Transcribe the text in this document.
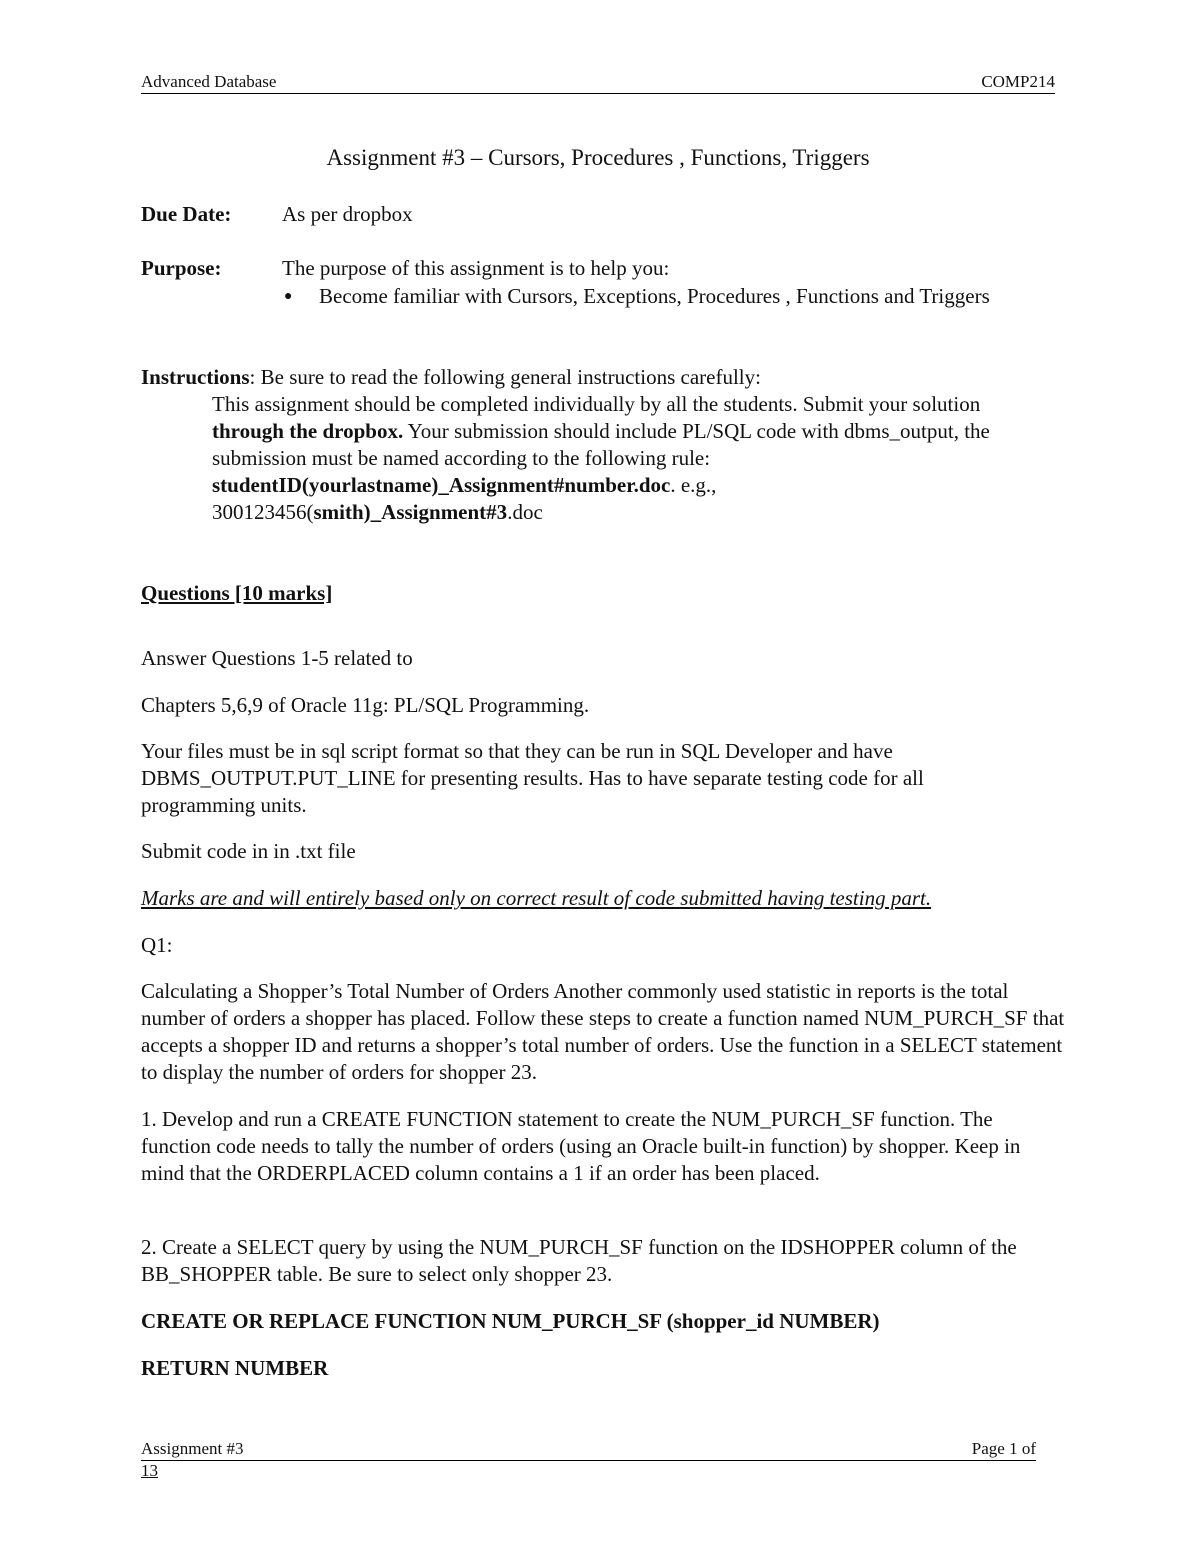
Advanced Database	COMP214
Assignment #3 – Cursors, Procedures , Functions, Triggers
Due Date: As per dropbox
Purpose:	The purpose of this assignment is to help you:
●	Become familiar with Cursors, Exceptions, Procedures , Functions and Triggers
Instructions: Be sure to read the following general instructions carefully:
This assignment should be completed individually by all the students. Submit your solution through the dropbox. Your submission should include PL/SQL code with dbms_output, the submission must be named according to the following rule:
studentID(yourlastname)_Assignment#number.doc. e.g.,
300123456(smith)_Assignment#3.doc
Questions [10 marks]
Answer Questions 1-5 related to
Chapters 5,6,9 of Oracle 11g: PL/SQL Programming.
Your files must be in sql script format so that they can be run in SQL Developer and have DBMS_OUTPUT.PUT_LINE for presenting results. Has to have separate testing code for all programming units.
Submit code in in .txt file
Marks are and will entirely based only on correct result of code submitted having testing part.
Q1:
Calculating a Shopper’s Total Number of Orders Another commonly used statistic in reports is the total number of orders a shopper has placed. Follow these steps to create a function named NUM_PURCH_SF that accepts a shopper ID and returns a shopper’s total number of orders. Use the function in a SELECT statement to display the number of orders for shopper 23.
1. Develop and run a CREATE FUNCTION statement to create the NUM_PURCH_SF function. The function code needs to tally the number of orders (using an Oracle built-in function) by shopper. Keep in mind that the ORDERPLACED column contains a 1 if an order has been placed.
2. Create a SELECT query by using the NUM_PURCH_SF function on the IDSHOPPER column of the BB_SHOPPER table. Be sure to select only shopper 23.
CREATE OR REPLACE FUNCTION NUM_PURCH_SF (shopper_id NUMBER)
RETURN NUMBER
Assignment #3	Page 1 of
13
